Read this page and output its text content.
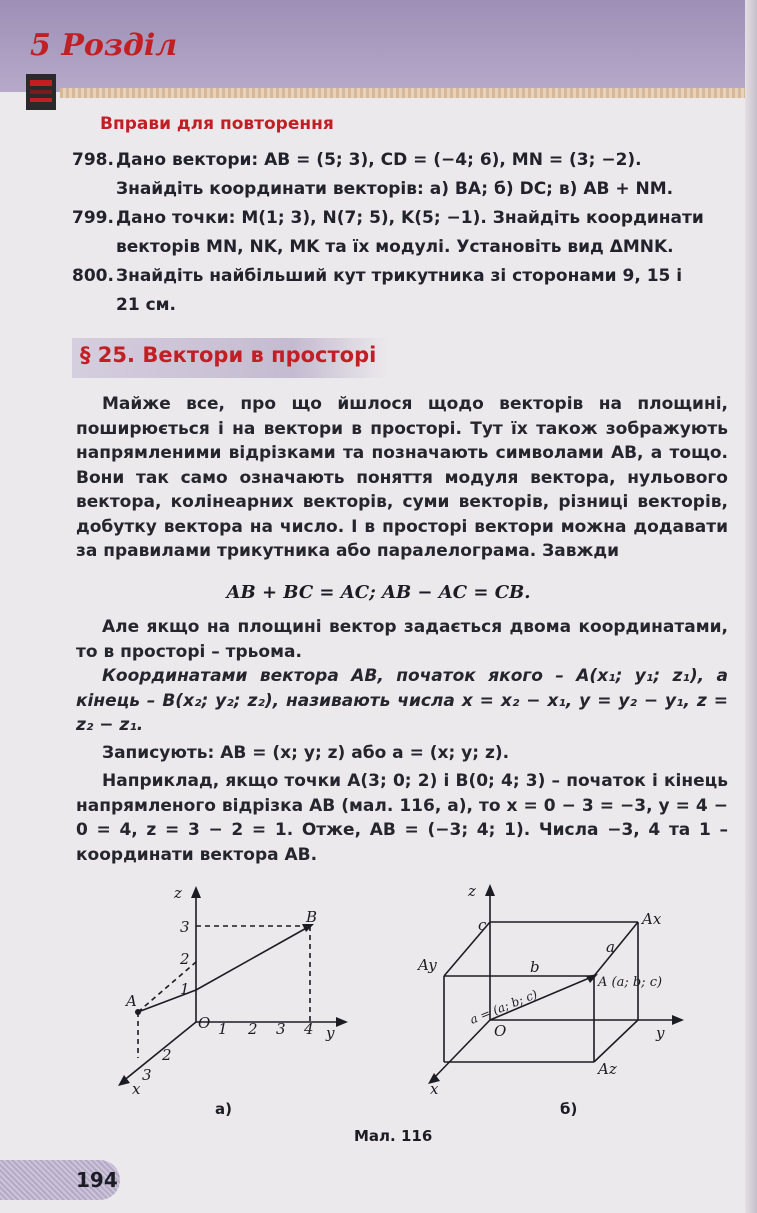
5 Розділ
Вправи для повторення
798. Дано вектори: AB = (5; 3), CD = (−4; 6), MN = (3; −2).
Знайдіть координати векторів: а) BA; б) DC; в) AB + NM.
799. Дано точки: M(1; 3), N(7; 5), K(5; −1). Знайдіть координати
векторів MN, NK, MK та їх модулі. Установіть вид ΔMNK.
800. Знайдіть найбільший кут трикутника зі сторонами 9, 15 і
21 см.
§ 25. Вектори в просторі
Майже все, про що йшлося щодо векторів на площині, поширюється і на вектори в просторі. Тут їх також зображують напрямленими відрізками та позначають символами AB, a тощо. Вони так само означають поняття модуля вектора, нульового вектора, колінеарних векторів, суми векторів, різниці векторів, добутку вектора на число. І в просторі вектори можна додавати за правилами трикутника або паралелограма. Завжди
AB + BC = AC; AB − AC = CB.
Але якщо на площині вектор задається двома координатами, то в просторі – трьома.
Координатами вектора AB, початок якого – A(x₁; y₁; z₁), а кінець – B(x₂; y₂; z₂), називають числа x = x₂ − x₁, y = y₂ − y₁, z = z₂ − z₁.
Записують: AB = (x; y; z) або a = (x; y; z).
Наприклад, якщо точки A(3; 0; 2) і B(0; 4; 3) – початок і кінець напрямленого відрізка AB (мал. 116, а), то x = 0 − 3 = −3, y = 4 − 0 = 4, z = 3 − 2 = 1. Отже, AB = (−3; 4; 1). Числа −3, 4 та 1 – координати вектора AB.
z
y
x
O
1
2
3
1 2 3 4
2
3
A
B
а)
z
y
x
O
Ax
Ay
Az
A (a; b; c)
a = (a; b; c)
a
b
c
б)
Мал. 116
194
